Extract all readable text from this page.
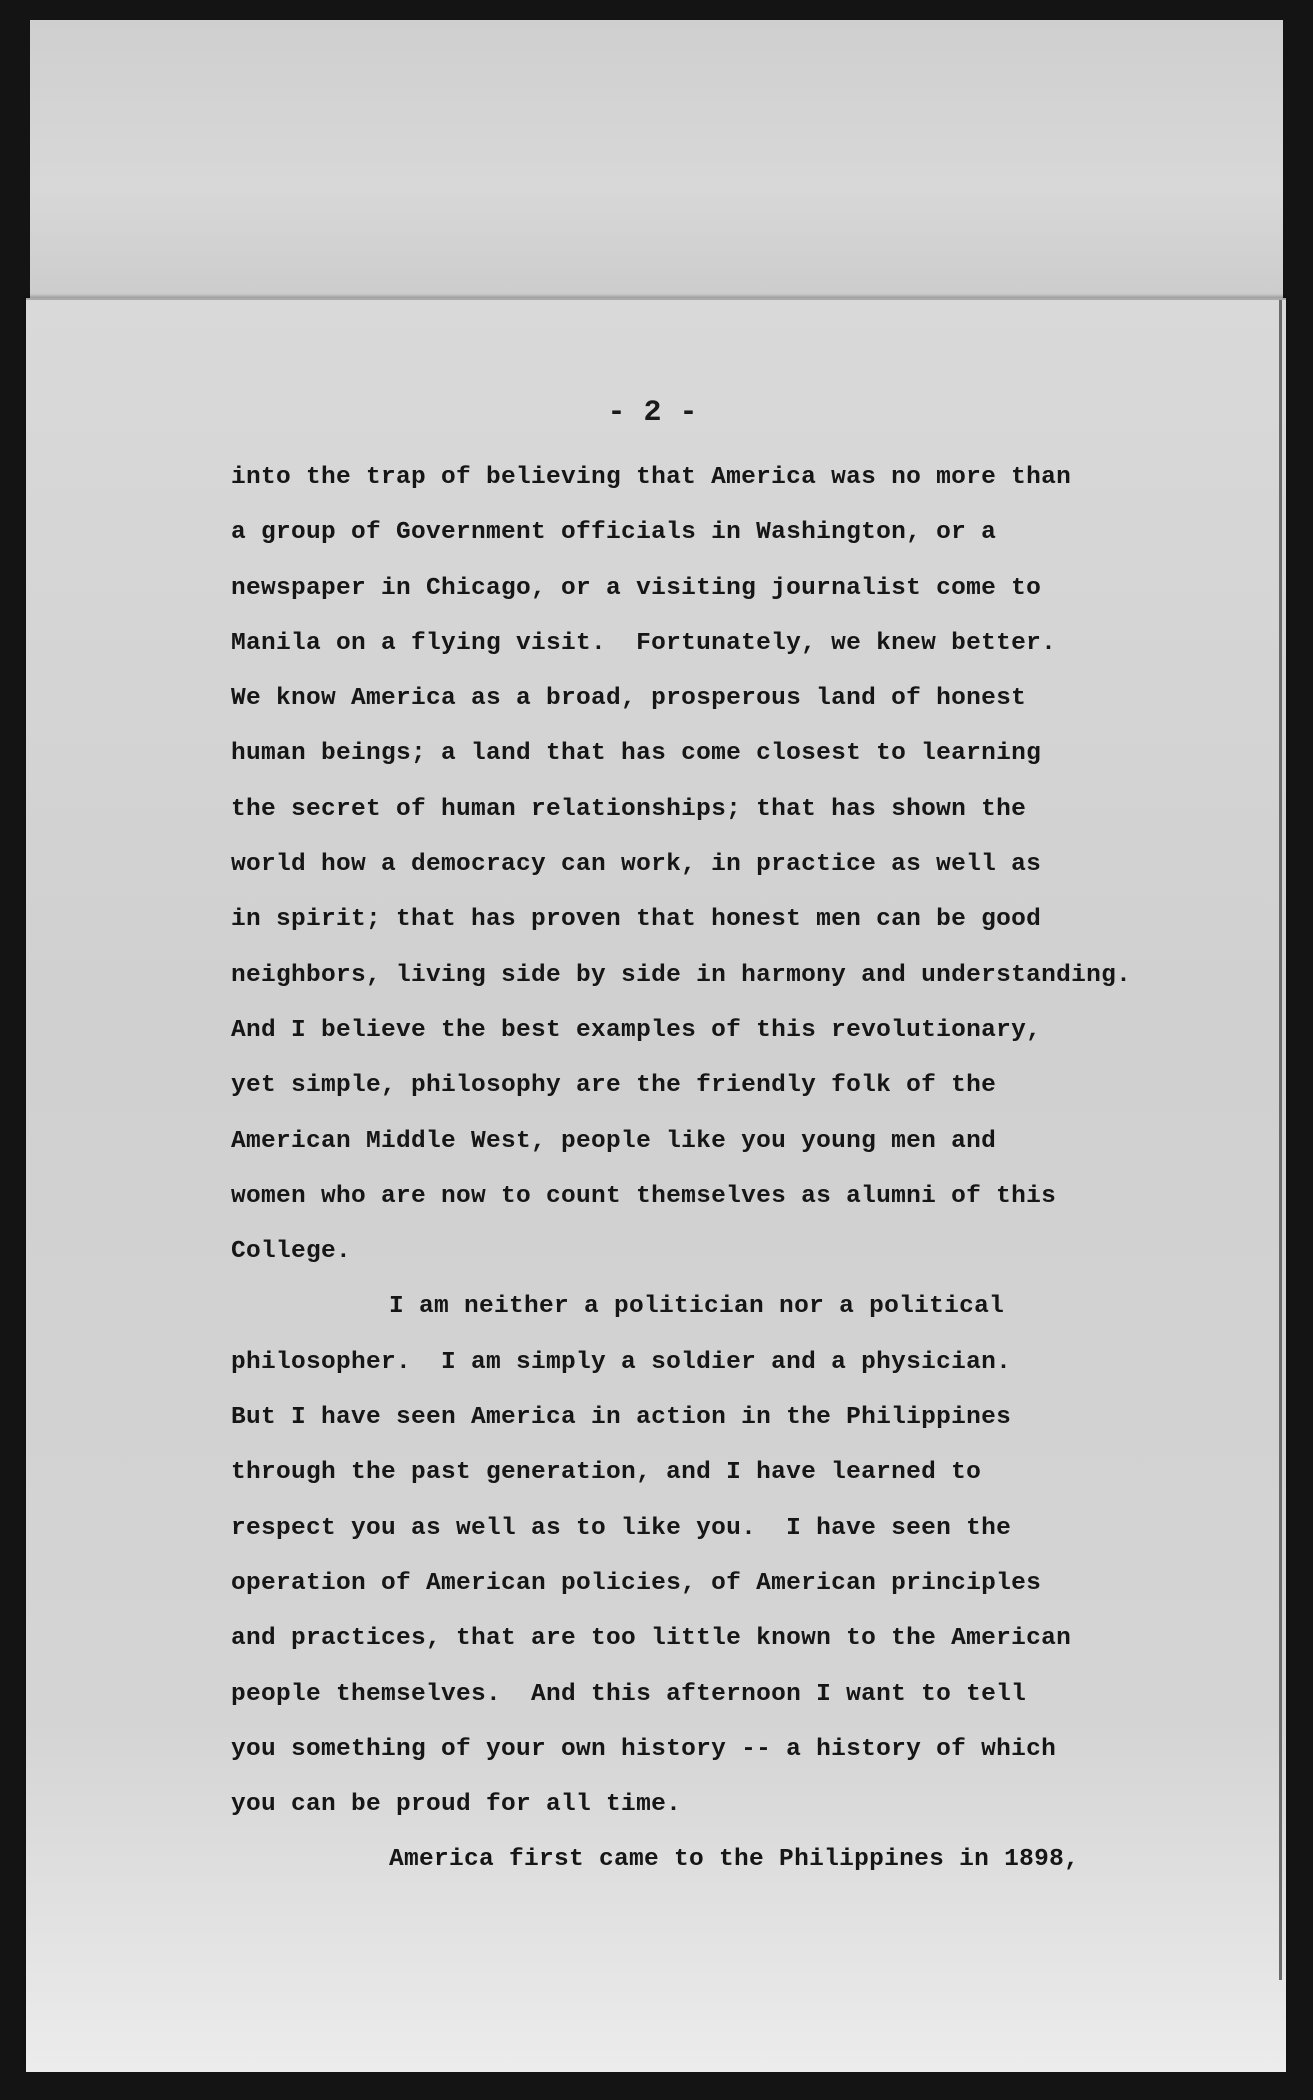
- 2 -
into the trap of believing that America was no more than
a group of Government officials in Washington, or a
newspaper in Chicago, or a visiting journalist come to
Manila on a flying visit.  Fortunately, we knew better.
We know America as a broad, prosperous land of honest
human beings; a land that has come closest to learning
the secret of human relationships; that has shown the
world how a democracy can work, in practice as well as
in spirit; that has proven that honest men can be good
neighbors, living side by side in harmony and understanding.
And I believe the best examples of this revolutionary,
yet simple, philosophy are the friendly folk of the
American Middle West, people like you young men and
women who are now to count themselves as alumni of this
College.
I am neither a politician nor a political
philosopher.  I am simply a soldier and a physician.
But I have seen America in action in the Philippines
through the past generation, and I have learned to
respect you as well as to like you.  I have seen the
operation of American policies, of American principles
and practices, that are too little known to the American
people themselves.  And this afternoon I want to tell
you something of your own history -- a history of which
you can be proud for all time.
America first came to the Philippines in 1898,
